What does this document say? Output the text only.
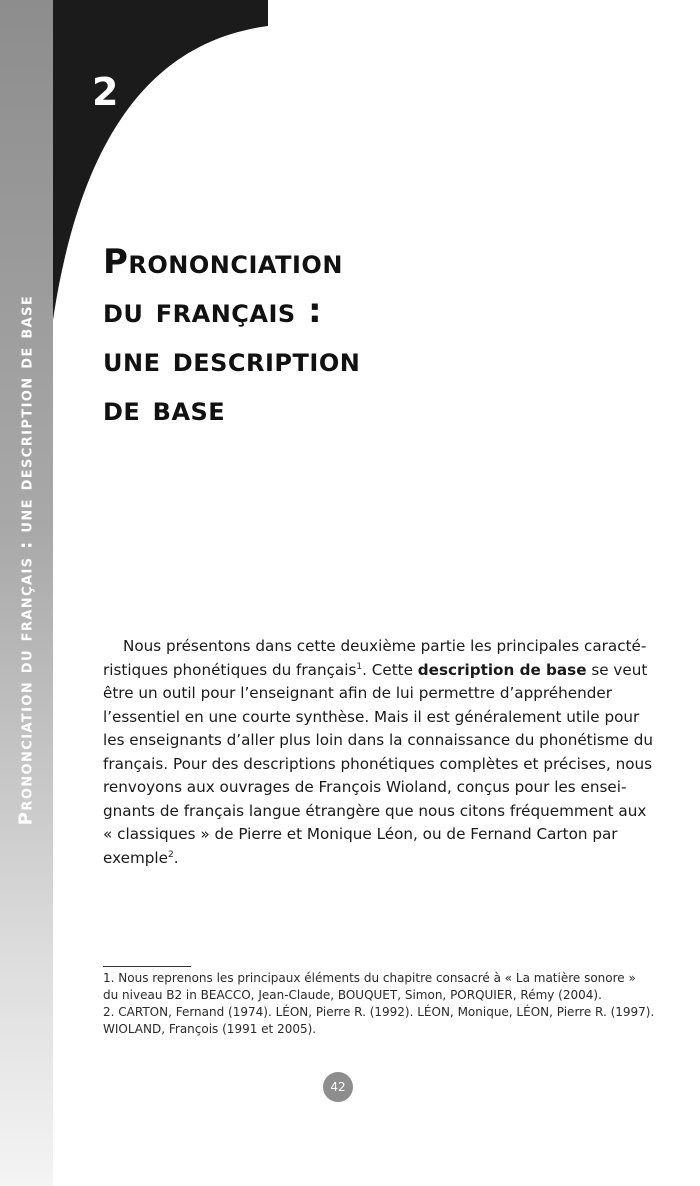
Prononciation du français : une description de base
2
Prononciation
du français :
une description
de base
Nous présentons dans cette deuxième partie les principales caracté-
ristiques phonétiques du français$^1$. Cette description de base se veut
être un outil pour l’enseignant afin de lui permettre d’appréhender
l’essentiel en une courte synthèse. Mais il est généralement utile pour
les enseignants d’aller plus loin dans la connaissance du phonétisme du
français. Pour des descriptions phonétiques complètes et précises, nous
renvoyons aux ouvrages de François Wioland, conçus pour les ensei-
gnants de français langue étrangère que nous citons fréquemment aux
« classiques » de Pierre et Monique Léon, ou de Fernand Carton par
exemple$^2$.
1. Nous reprenons les principaux éléments du chapitre consacré à « La matière sonore »
du niveau B2 in BEACCO, Jean-Claude, BOUQUET, Simon, PORQUIER, Rémy (2004).
2. CARTON, Fernand (1974). LÉON, Pierre R. (1992). LÉON, Monique, LÉON, Pierre R. (1997).
WIOLAND, François (1991 et 2005).
42
